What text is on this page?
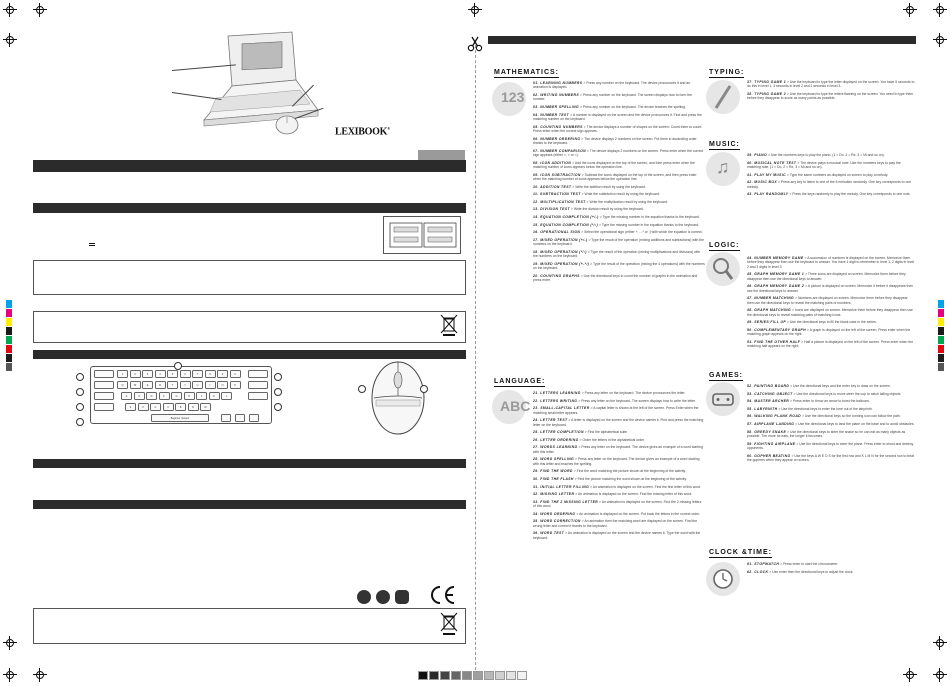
LEXIBOOK®
1	2	3	4	5	6	7	8	9	0
Q	W	E	R	T	Y	U	I	O	P
A	S	D	F	G	H	J	K	L
Z	X	C	V	B	N	M
Beginner / Expert
123
ABC
♫
MATHEMATICS:
LANGUAGE:
TYPING:
MUSIC:
LOGIC:
GAMES:
CLOCK &TIME:
01. LEARNING NUMBERS > Press any number on the keyboard. The device pronounces it and an animation is displayed.
02. WRITING NUMBERS > Press any number on the keyboard. The screen displays how to form the number.
03. NUMBER SPELLING > Press any number on the keyboard. The device teaches the spelling.
04. NUMBER TEST > A number is displayed on the screen and the device pronounces it. Find and press the matching number on the keyboard.
05. COUNTING NUMBERS > The device displays a number of shapes on the screen: Count them to count. Press enter when the correct sign appears.
06. NUMBER ORDERING > The device displays 2 numbers on the screen. Put them in ascending order thanks to the keyboard.
07. NUMBER COMPARISON > The device displays 2 numbers on the screen. Press enter when the correct sign appears (either <, > or =).
08. ICON ADDITION > Add the icons displayed on the top of the screen, and then press enter when the matching number of icons appears below the operation line.
09. ICON SUBTRACTION > Subtract the icons displayed on the top of the screen, and then press enter when the matching number of icons appears below the operation line.
10. ADDITION TEST > Write the addition result by using the keyboard.
11. SUBTRACTION TEST > Write the subtraction result by using the keyboard.
12. MULTIPLICATION TEST > Write the multiplication result by using the keyboard.
13. DIVISION TEST > Write the division result by using the keyboard.
14. EQUATION COMPLETION (+/-) > Type the missing number in the equation thanks to the keyboard.
15. EQUATION COMPLETION (*/:) > Type the missing number in the equation thanks to the keyboard.
16. OPERATIONAL SIGN > Select the operational sign (either +, -, * or :) with which the equation is correct.
17. MIXED OPERATION (+/-) > Type the result of the operation (mixing additions and subtractions) with the numbers on the keyboard.
18. MIXED OPERATION (*/:) > Type the result of the operation (mixing multiplications and divisions) with the numbers on the keyboard.
19. MIXED OPERATION (+-*/) > Type the result of the operation (mixing the 4 operations) with the numbers on the keyboard.
20. COUNTING GRAPHS > Use the directional keys to count the number of graphs in the animation and press enter.
21. LETTERS LEARNING > Press any letter on the keyboard. The device pronounces the letter.
22. LETTERS WRITING > Press any letter on the keyboard. The screen displays how to write the letter.
23. SMALL-CAPITAL LETTER > A capital letter is shown at the left of the screen. Press Enter when the matching small letter appears.
24. LETTER TEST > A letter is displayed on the screen and the device names it. Find and press the matching letter on the keyboard.
25. LETTER COMPLETION > Find the alphabetical suite.
26. LETTER ORDERING > Order the letters in the alphabetical order.
27. WORDS LEARNING > Press any letter on the keyboard. The device gives an example of a word starting with this letter.
28. WORD SPELLING > Press any letter on the keyboard. The device gives an example of a word starting with this letter and teaches the spelling.
29. FIND THE WORD > Find the word matching the picture shown at the beginning of the activity.
30. FIND THE FLASH > Find the picture matching the word shown at the beginning of the activity.
31. INITIAL LETTER FILLING > An animation is displayed on the screen. Find the first letter of this word.
32. MISSING LETTER > An animation is displayed on the screen. Find the missing letter of this word.
33. FIND THE 2 MISSING LETTER > An animation is displayed on the screen. Find the 2 missing letters of this word.
34. WORD ORDERING > An animation is displayed on the screen. Put back the letters in the correct order.
35. WORD CORRECTION > An animation then the matching word are displayed on the screen. Find the wrong letter and correct it thanks to the keyboard.
36. WORD TEST > An animation is displayed on the screen and the device names it. Type the word with the keyboard.
37. TYPING GAME 1 > Use the keyboard to type the letter displayed on the screen. You have 5 seconds to do this in level 1, 3 seconds in level 2 and 2 seconds in level 3.
38. TYPING GAME 2 > Use the keyboard to type the letters flashing on the screen. You need to type them before they disappear to score as many points as possible.
39. PIANO > Use the numbers keys to play the piano. (1 = Do, 2 = Re, 3 = Mi and so on).
40. MUSICAL NOTE TEST > The device plays a musical note. Use the numbers keys to play the matching note. (1 = Do, 2 = Re, 3 = Mi and so on).
41. PLAY MY MUSIC > Type the same numbers as displayed on screen to play a melody.
42. MUSIC BOX > Press any key to listen to one of the 6 melodies randomly. One key corresponds to one melody.
43. PLAY RANDOMLY > Press the keys randomly to play the melody. One key corresponds to one note.
44. NUMBER MEMORY GAME > A succession of numbers is displayed on the screen. Memorize them before they disappear then use the keyboard to answer. You have 1 digit to remember in level 1, 2 digits in level 2 and 3 digits in level 3.
45. GRAPH MEMORY GAME 1 > Three icons are displayed on screen. Memorize them before they disappear then use the directional keys to answer.
46. GRAPH MEMORY GAME 2 > A picture is displayed on screen. Memorize it before it disappears then use the directional keys to answer.
47. NUMBER MATCHING > Numbers are displayed on screen. Memorize them before they disappear then use the directional keys to reveal the matching pairs of numbers.
48. GRAPH MATCHING > Icons are displayed on screen. Memorize them before they disappear then use the directional keys to reveal matching pairs of matching icons.
49. SERIES FILL UP > Use the directional keys to fill the blank case in the series.
50. COMPLEMENTARY GRAPH > A graph is displayed on the left of the screen. Press enter when the matching graph appears on the right.
51. FIND THE OTHER HALF > Half a picture is displayed on the left of the screen. Press enter when the matching half appears on the right.
52. PAINTING BOARD > Use the directional keys and the enter key to draw on the screen.
53. CATCHING OBJECT > Use the directional keys to move steer the cup to catch falling objects.
54. MASTER ARCHER > Press enter to throw an arrow to burst the balloons.
55. LABYRINTH > Use the directional keys to enter the lone out of the labyrinth.
56. WALKING PLANK ROAD > Use the directional keys so the running icon can follow the path.
57. AIRPLANE LANDING > Use the directional keys to land the plane on the base and to avoid obstacles.
58. GREEDY SNAKE > Use the directional keys to steer the snake so he can eat as many objects as possible. The more he eats, the longer it becomes.
59. FIGHTING AIRPLANE > Use the directional keys to steer the plane. Press enter to shoot and destroy opponents.
60. GOPHER BEATING > Use the keys A W E D S for the first row and K L M N for the second row to beat the gophers when they appear on screen.
61. STOPWATCH > Press enter to start the chronometer.
62. CLOCK > Use enter then the directional keys to adjust the clock.
